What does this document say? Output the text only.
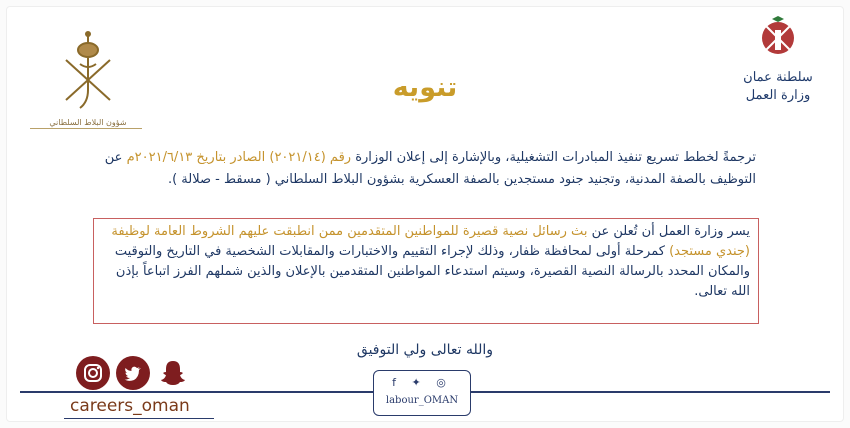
شؤون البلاط السلطاني
سلطنة عمان
وزارة العمل
تنويه
ترجمةً لخطط تسريع تنفيذ المبادرات التشغيلية، وبالإشارة إلى إعلان الوزارة رقم (٢٠٢١/١٤) الصادر بتاريخ ٢٠٢١/٦/١٣م عن التوظيف بالصفة المدنية، وتجنيد جنود مستجدين بالصفة العسكرية بشؤون البلاط السلطاني ( مسقط - صلالة ).
يسر وزارة العمل أن تُعلن عن بث رسائل نصية قصيرة للمواطنين المتقدمين ممن انطبقت عليهم الشروط العامة لوظيفة (جندي مستجد) كمرحلة أولى لمحافظة ظفار، وذلك لإجراء التقييم والاختبارات والمقابلات الشخصية في التاريخ والتوقيت والمكان المحدد بالرسالة النصية القصيرة، وسيتم استدعاء المواطنين المتقدمين بالإعلان والذين شملهم الفرز اتباعاً بإذن الله تعالى.
والله تعالى ولي التوفيق
f ✦ ◎
labour_OMAN
careers_oman
